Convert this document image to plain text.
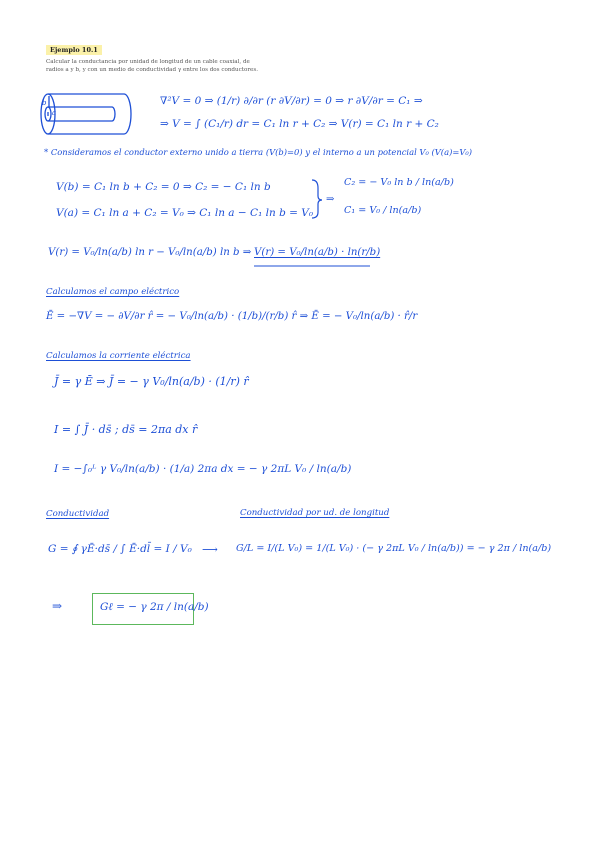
Ejemplo 10.1
Calcular la conductancia por unidad de longitud de un cable coaxial, de
radios a y b, y con un medio de conductividad γ entre los dos conductores.
b
a
∇²V = 0 ⇒ (1/r) ∂/∂r (r ∂V/∂r) = 0 ⇒ r ∂V/∂r = C₁ ⇒
⇒ V = ∫ (C₁/r) dr = C₁ ln r + C₂ ⇒ V(r) = C₁ ln r + C₂
* Consideramos el conductor externo unido a tierra (V(b)=0) y el interno a un potencial V₀ (V(a)=V₀)
V(b) = C₁ ln b + C₂ = 0 ⇒ C₂ = − C₁ ln b
V(a) = C₁ ln a + C₂ = V₀ ⇒ C₁ ln a − C₁ ln b = V₀
⇒
C₂ = − V₀ ln b / ln(a/b)
C₁ = V₀ / ln(a/b)
V(r) = V₀/ln(a/b) ln r − V₀/ln(a/b) ln b ⇒ V(r) = V₀/ln(a/b) · ln(r/b)
Calculamos el campo eléctrico
Ē = −∇V = − ∂V/∂r r̂ = − V₀/ln(a/b) · (1/b)/(r/b) r̂ ⇒ Ē = − V₀/ln(a/b) · r̂/r
Calculamos la corriente eléctrica
J̄ = γ Ē ⇒ J̄ = − γ V₀/ln(a/b) · (1/r) r̂
I = ∫ J̄ · ds̄ ; ds̄ = 2πa dx r̂
I = −∫₀ᴸ γ V₀/ln(a/b) · (1/a) 2πa dx = − γ 2πL V₀ / ln(a/b)
Conductividad	Conductividad por ud. de longitud
G = ∮ γĒ·ds̄ / ∫ Ē·dl̄ = I / V₀ ⟶ G/L = I/(L V₀) = 1/(L V₀) · (− γ 2πL V₀ / ln(a/b)) = − γ 2π / ln(a/b)
⇒	Gℓ = − γ 2π / ln(a/b)
